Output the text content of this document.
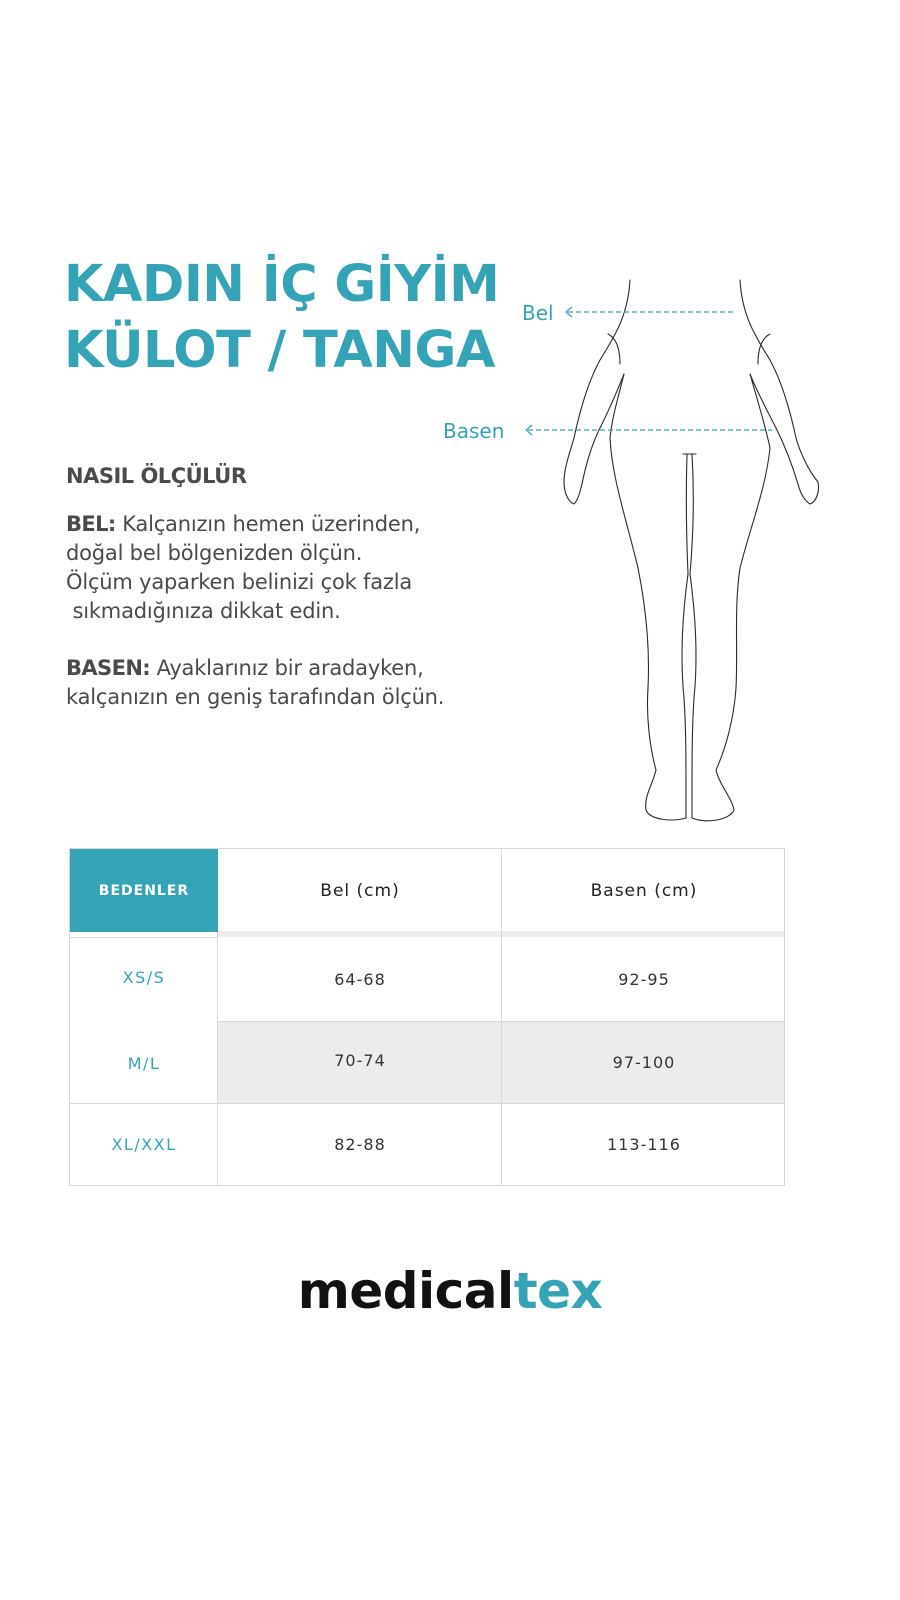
KADIN İÇ GİYİM
KÜLOT / TANGA
Bel
Basen
NASIL ÖLÇÜLÜR

BEL: Kalçanızın hemen üzerinden,
doğal bel bölgenizden ölçün.
Ölçüm yaparken belinizi çok fazla
sıkmadığınıza dikkat edin.

BASEN: Ayaklarınız bir aradayken,
kalçanızın en geniş tarafından ölçün.

BEDENLER	Bel (cm)	Basen (cm)
XS/S	64-68	92-95
M/L	70-74	97-100
XL/XXL	82-88	113-116

medicaltex
